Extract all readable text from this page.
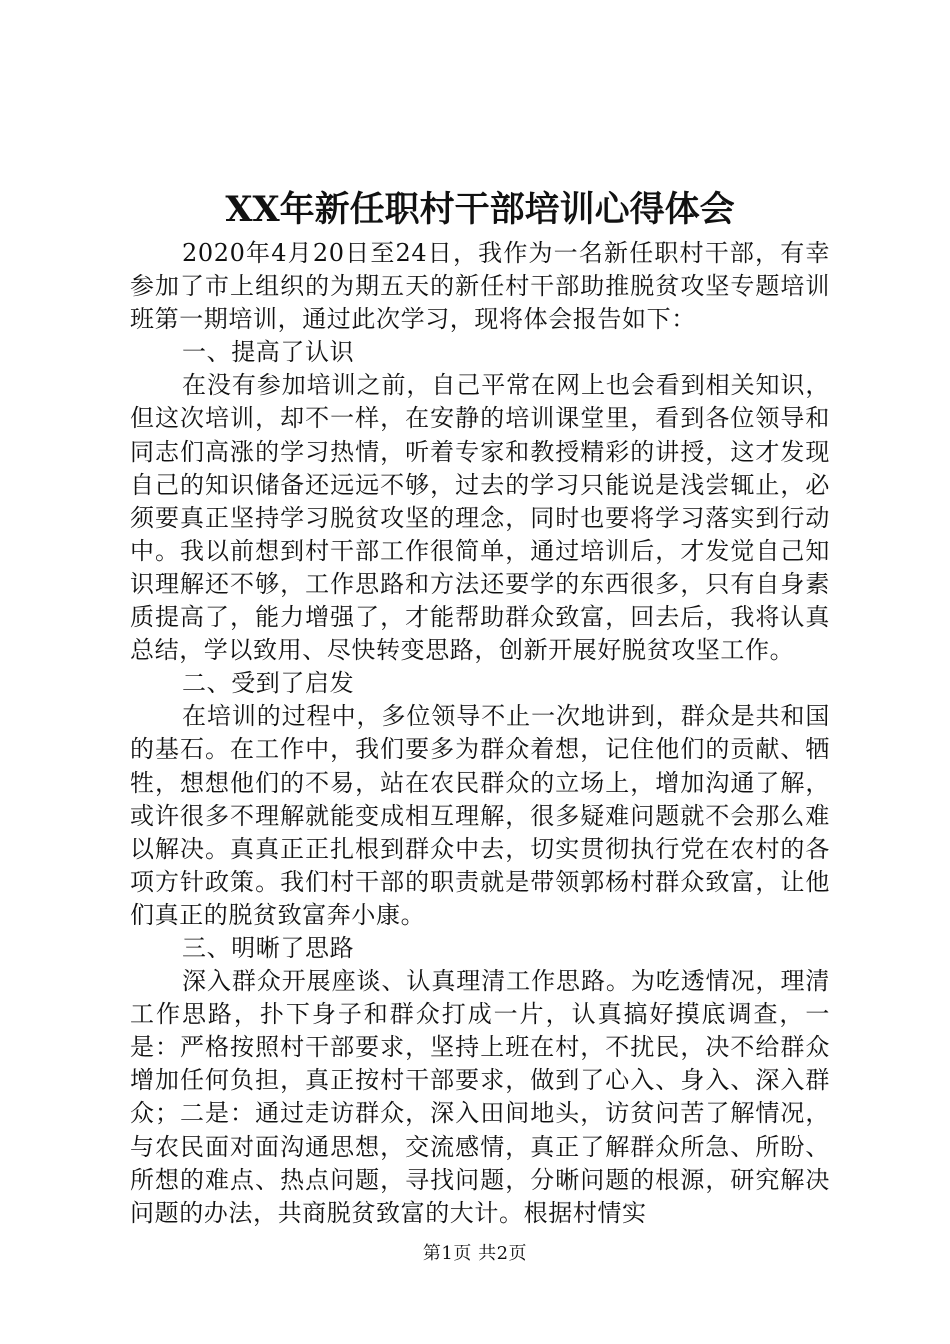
XX年新任职村干部培训心得体会

2020年4月20日至24日，我作为一名新任职村干部，有幸参加了市上组织的为期五天的新任村干部助推脱贫攻坚专题培训班第一期培训，通过此次学习，现将体会报告如下：

一、提高了认识

在没有参加培训之前，自己平常在网上也会看到相关知识，但这次培训，却不一样，在安静的培训课堂里，看到各位领导和同志们高涨的学习热情，听着专家和教授精彩的讲授，这才发现自己的知识储备还远远不够，过去的学习只能说是浅尝辄止，必须要真正坚持学习脱贫攻坚的理念，同时也要将学习落实到行动中。我以前想到村干部工作很简单，通过培训后，才发觉自己知识理解还不够，工作思路和方法还要学的东西很多，只有自身素质提高了，能力增强了，才能帮助群众致富，回去后，我将认真总结，学以致用、尽快转变思路，创新开展好脱贫攻坚工作。

二、受到了启发

在培训的过程中，多位领导不止一次地讲到，群众是共和国的基石。在工作中，我们要多为群众着想，记住他们的贡献、牺牲，想想他们的不易，站在农民群众的立场上，增加沟通了解，或许很多不理解就能变成相互理解，很多疑难问题就不会那么难以解决。真真正正扎根到群众中去，切实贯彻执行党在农村的各项方针政策。我们村干部的职责就是带领郭杨村群众致富，让他们真正的脱贫致富奔小康。

三、明晰了思路

深入群众开展座谈、认真理清工作思路。为吃透情况，理清工作思路，扑下身子和群众打成一片，认真搞好摸底调查，一是：严格按照村干部要求，坚持上班在村，不扰民，决不给群众增加任何负担，真正按村干部要求，做到了心入、身入、深入群众；二是：通过走访群众，深入田间地头，访贫问苦了解情况，与农民面对面沟通思想，交流感情，真正了解群众所急、所盼、所想的难点、热点问题，寻找问题，分晰问题的根源，研究解决问题的办法，共商脱贫致富的大计。根据村情实

第1页 共2页
